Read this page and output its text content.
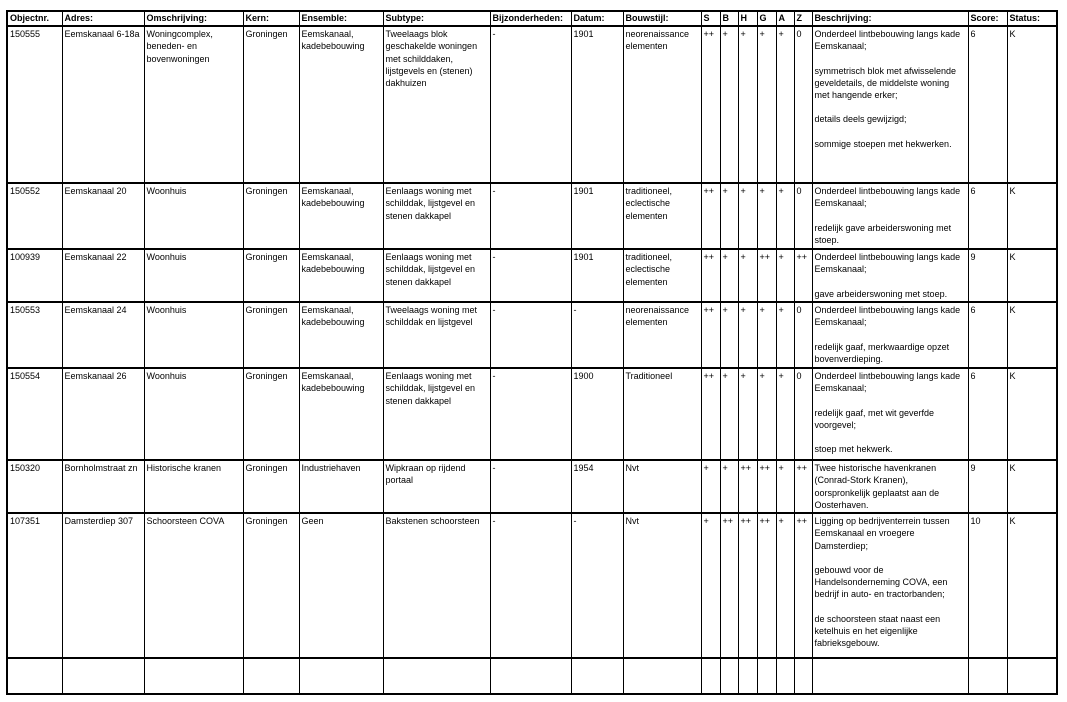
Objectnr.	Adres:	Omschrijving:	Kern:	Ensemble:	Subtype:	Bijzonderheden:	Datum:	Bouwstijl:	S	B	H	G	A	Z	Beschrijving:	Score:	Status:
150555	Eemskanaal 6-18a	Woningcomplex, beneden- en bovenwoningen	Groningen	Eemskanaal, kadebebouwing	Tweelaags blok geschakelde woningen met schilddaken, lijstgevels en (stenen) dakhuizen	-	1901	neorenaissance elementen	++	+	+	+	+	0	Onderdeel lintbebouwing langs kade Eemskanaal;
symmetrisch blok met afwisselende geveldetails, de middelste woning met hangende erker;
details deels gewijzigd;
sommige stoepen met hekwerken.	6	K
150552	Eemskanaal 20	Woonhuis	Groningen	Eemskanaal, kadebebouwing	Eenlaags woning met schilddak, lijstgevel en stenen dakkapel	-	1901	traditioneel, eclectische elementen	++	+	+	+	+	0	Onderdeel lintbebouwing langs kade Eemskanaal;
redelijk gave arbeiderswoning met stoep.	6	K
100939	Eemskanaal 22	Woonhuis	Groningen	Eemskanaal, kadebebouwing	Eenlaags woning met schilddak, lijstgevel en stenen dakkapel	-	1901	traditioneel, eclectische elementen	++	+	+	++	+	++	Onderdeel lintbebouwing langs kade Eemskanaal;
gave arbeiderswoning met stoep.	9	K
150553	Eemskanaal 24	Woonhuis	Groningen	Eemskanaal, kadebebouwing	Tweelaags woning met schilddak en lijstgevel	-	-	neorenaissance elementen	++	+	+	+	+	0	Onderdeel lintbebouwing langs kade Eemskanaal;
redelijk gaaf, merkwaardige opzet bovenverdieping.	6	K
150554	Eemskanaal 26	Woonhuis	Groningen	Eemskanaal, kadebebouwing	Eenlaags woning met schilddak, lijstgevel en stenen dakkapel	-	1900	Traditioneel	++	+	+	+	+	0	Onderdeel lintbebouwing langs kade Eemskanaal;
redelijk gaaf, met wit geverfde voorgevel;
stoep met hekwerk.	6	K
150320	Bornholmstraat zn	Historische kranen	Groningen	Industriehaven	Wipkraan op rijdend portaal	-	1954	Nvt	+	+	++	++	+	++	Twee historische havenkranen (Conrad-Stork Kranen), oorspronkelijk geplaatst aan de Oosterhaven.	9	K
107351	Damsterdiep 307	Schoorsteen COVA	Groningen	Geen	Bakstenen schoorsteen	-	-	Nvt	+	++	++	++	+	++	Ligging op bedrijventerrein tussen Eemskanaal en vroegere Damsterdiep;
gebouwd voor de Handelsonderneming COVA, een bedrijf in auto- en tractorbanden;
de schoorsteen staat naast een ketelhuis en het eigenlijke fabrieksgebouw.	10	K
